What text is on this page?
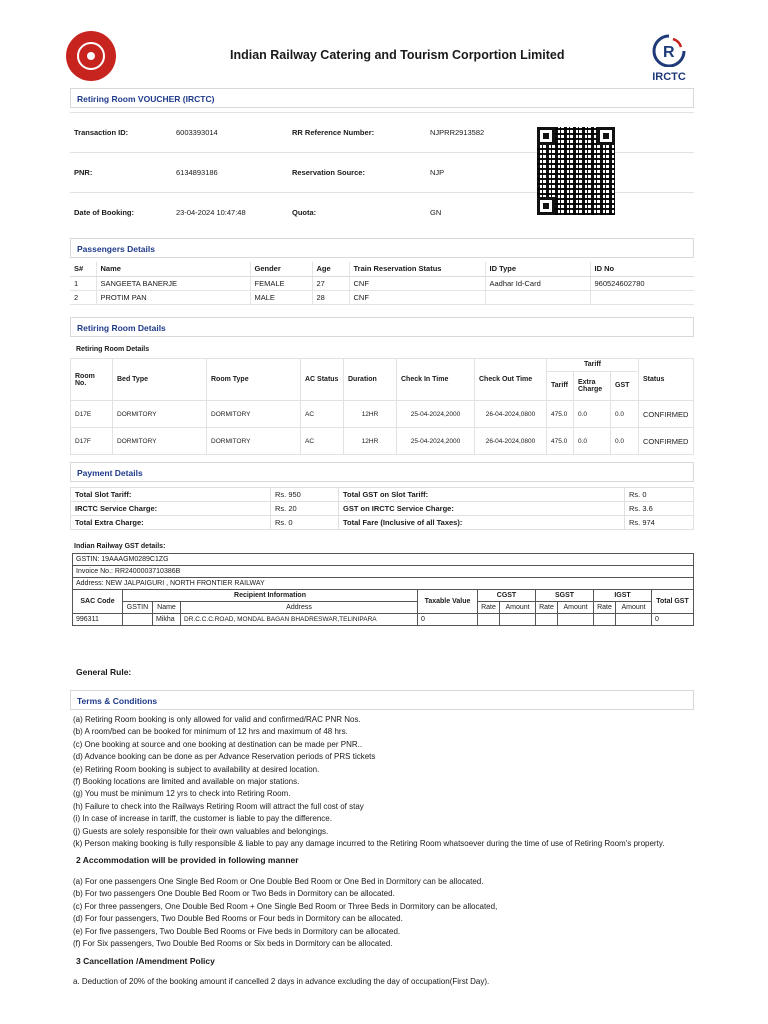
Indian Railway Catering and Tourism Corportion Limited	R
IRCTC
Retiring Room VOUCHER (IRCTC)
Transaction ID:	6003393014	RR Reference Number:	NJPRR2913582	
PNR:	6134893186	Reservation Source:	NJP	
Date of Booking:	23-04-2024 10:47:48	Quota:	GN	
Passengers Details
S#	Name	Gender	Age	Train Reservation Status	ID Type	ID No
1	SANGEETA BANERJE	FEMALE	27	CNF	Aadhar Id-Card	960524602780
2	PROTIM PAN	MALE	28	CNF		
Retiring Room Details
Retiring Room Details
Room No.	Bed Type	Room Type	AC Status	Duration	Check In Time	Check Out Time	Tariff			Status
							Tariff	Extra Charge	GST	
D17E	DORMITORY	DORMITORY	AC	12HR	25-04-2024,2000	26-04-2024,0800	475.0	0.0	0.0	CONFIRMED
D17F	DORMITORY	DORMITORY	AC	12HR	25-04-2024,2000	26-04-2024,0800	475.0	0.0	0.0	CONFIRMED
Payment Details
Total Slot Tariff:	Rs. 950	Total GST on Slot Tariff:	Rs. 0
IRCTC Service Charge:	Rs. 20	GST on IRCTC Service Charge:	Rs. 3.6
Total Extra Charge:	Rs. 0	Total Fare (Inclusive of all Taxes):	Rs. 974
Indian Railway GST details:
GSTIN: 19AAAGM0289C1ZG											
Invoice No.: RR2400003710386B											
Address: NEW JALPAIGURI , NORTH FRONTIER RAILWAY											
SAC Code	Recipient Information			Taxable Value	CGST		SGST		IGST		Total GST
	GSTIN	Name	Address		Rate	Amount	Rate	Amount	Rate	Amount	
996311		Mikha	DR.C.C.C.ROAD, MONDAL BAGAN BHADRESWAR,TELINIPARA	0							0
General Rule:
Terms & Conditions
(a) Retiring Room booking is only allowed for valid and confirmed/RAC PNR Nos.
(b) A room/bed can be booked for minimum of 12 hrs and maximum of 48 hrs.
(c) One booking at source and one booking at destination can be made per PNR..
(d) Advance booking can be done as per Advance Reservation periods of PRS tickets
(e) Retiring Room booking is subject to availability at desired location.
(f) Booking locations are limited and available on major stations.
(g) You must be minimum 12 yrs to check into Retiring Room.
(h) Failure to check into the Railways Retiring Room will attract the full cost of stay
(i) In case of increase in tariff, the customer is liable to pay the difference.
(j) Guests are solely responsible for their own valuables and belongings.
(k) Person making booking is fully responsible & liable to pay any damage incurred to the Retiring Room whatsoever during the time of use of Retiring Room's property.
2 Accommodation will be provided in following manner
(a) For one passengers One Single Bed Room or One Double Bed Room or One Bed in Dormitory can be allocated.
(b) For two passengers One Double Bed Room or Two Beds in Dormitory can be allocated.
(c) For three passengers, One Double Bed Room + One Single Bed Room or Three Beds in Dormitory can be allocated,
(d) For four passengers, Two Double Bed Rooms or Four beds in Dormitory can be allocated.
(e) For five passengers, Two Double Bed Rooms or Five beds in Dormitory can be allocated.
(f) For Six passengers, Two Double Bed Rooms or Six beds in Dormitory can be allocated.
3 Cancellation /Amendment Policy
a. Deduction of 20% of the booking amount if cancelled 2 days in advance excluding the day of occupation(First Day).
